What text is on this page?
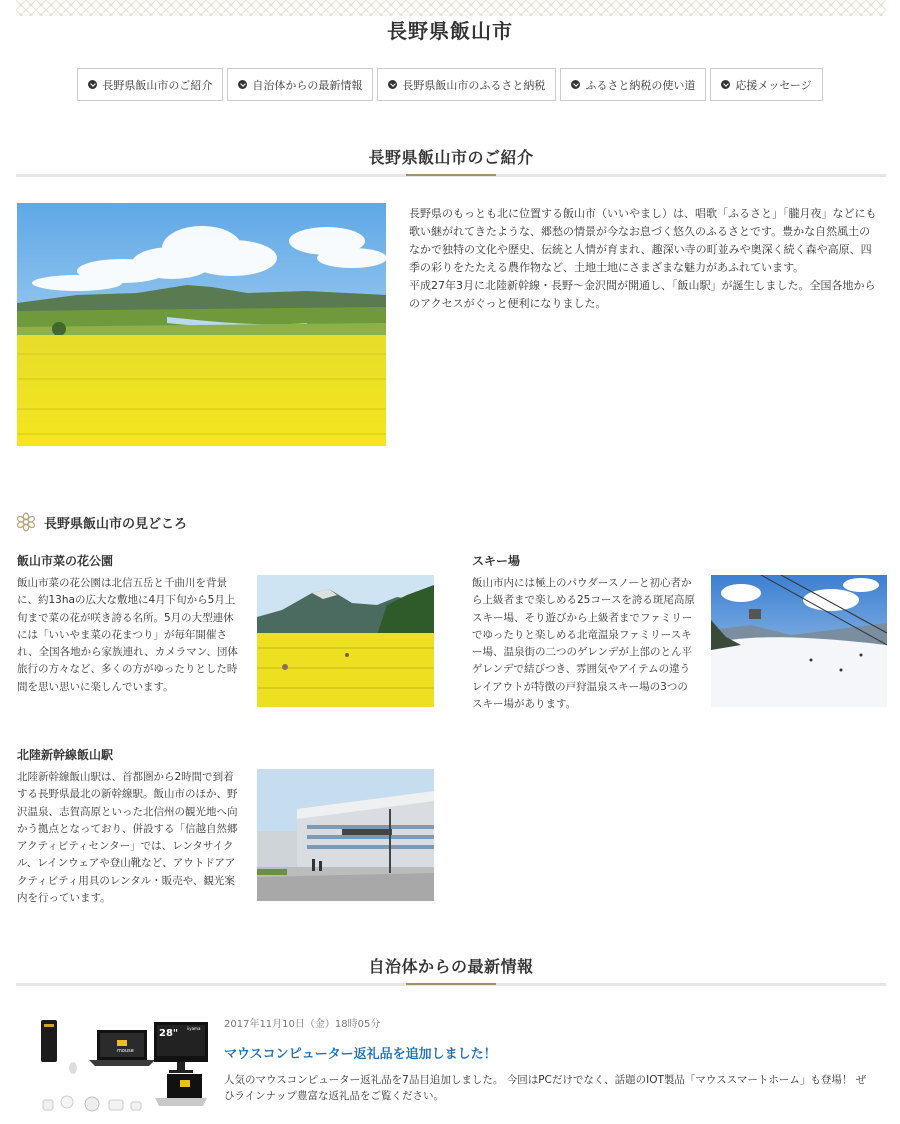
長野県飯山市
長野県飯山市のご紹介	自治体からの最新情報	長野県飯山市のふるさと納税	ふるさと納税の使い道	応援メッセージ
長野県飯山市のご紹介

長野県のもっとも北に位置する飯山市（いいやまし）は、唱歌「ふるさと」「朧月夜」などにも歌い継がれてきたような、郷愁の情景が今なお息づく悠久のふるさとです。豊かな自然風土のなかで独特の文化や歴史、伝統と人情が育まれ、趣深い寺の町並みや奥深く続く森や高原、四季の彩りをたたえる農作物など、土地土地にさまざまな魅力があふれています。

平成27年3月に北陸新幹線・長野〜金沢間が開通し、「飯山駅」が誕生しました。全国各地からのアクセスがぐっと便利になりました。

長野県飯山市の見どころ
飯山市菜の花公園
飯山市菜の花公園は北信五岳と千曲川を背景に、約13haの広大な敷地に4月下旬から5月上旬まで菜の花が咲き誇る名所。5月の大型連休には「いいやま菜の花まつり」が毎年開催され、全国各地から家族連れ、カメラマン、団体旅行の方々など、多くの方がゆったりとした時間を思い思いに楽しんでいます。
スキー場
飯山市内には極上のパウダースノーと初心者から上級者まで楽しめる25コースを誇る斑尾高原スキー場、そり遊びから上級者までファミリーでゆったりと楽しめる北竜温泉ファミリースキー場、温泉街の二つのゲレンデが上部のとん平ゲレンデで結びつき、雰囲気やアイテムの違うレイアウトが特徴の戸狩温泉スキー場の3つのスキー場があります。
北陸新幹線飯山駅
北陸新幹線飯山駅は、首都圏から2時間で到着する長野県最北の新幹線駅。飯山市のほか、野沢温泉、志賀高原といった北信州の観光地へ向かう拠点となっており、併設する「信越自然郷アクティビティセンター」では、レンタサイクル、レインウェアや登山靴など、アウトドアアクティビティ用具のレンタル・販売や、観光案内を行っています。
自治体からの最新情報
mouse
28" iiyama 2017年11月10日（金）18時05分
マウスコンピューター返礼品を追加しました！
人気のマウスコンピューター返礼品を7品目追加しました。 今回はPCだけでなく、話題のIOT製品「マウススマートホーム」も登場！ ぜひラインナップ豊富な返礼品をご覧ください。
